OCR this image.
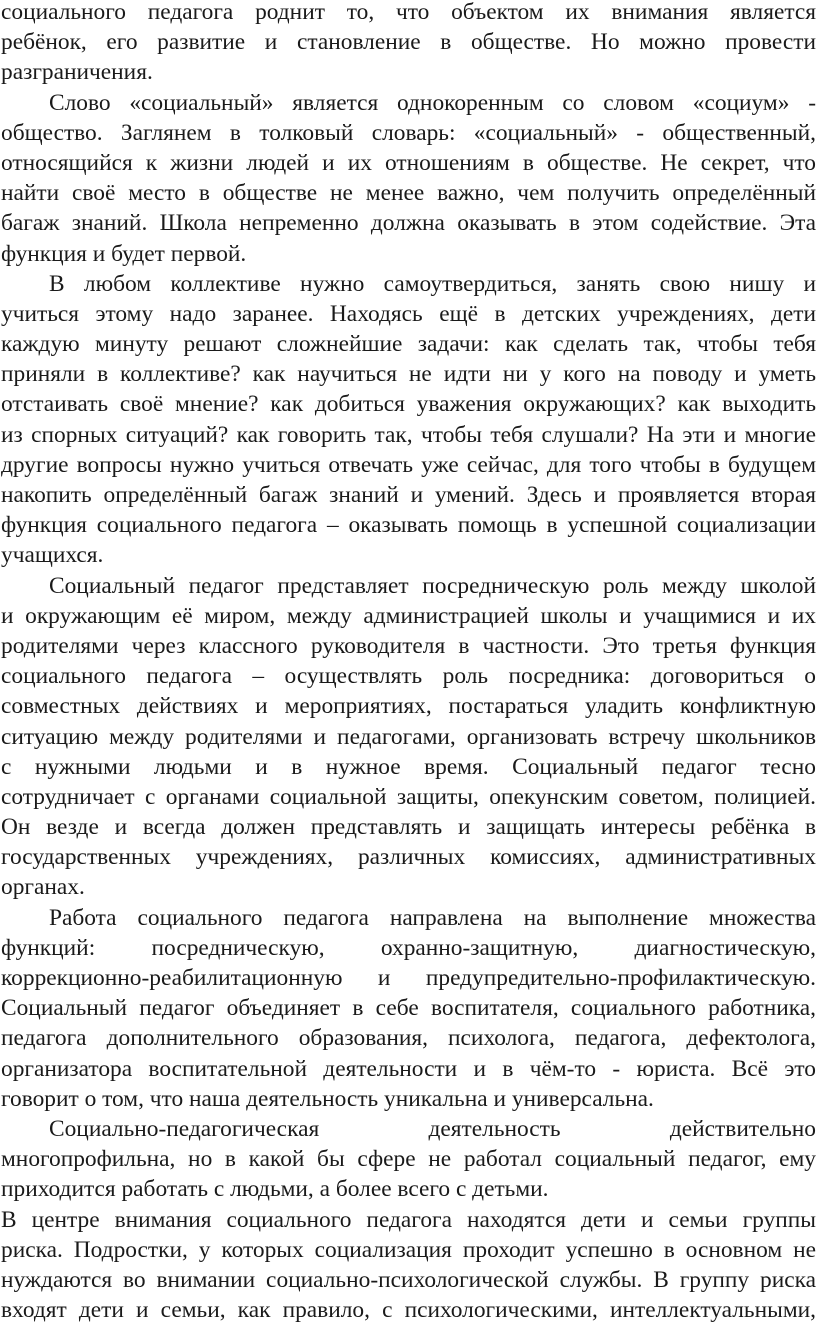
социального педагога роднит то, что объектом их внимания является
ребёнок, его развитие и становление в обществе. Но можно провести
разграничения.
Слово «социальный» является однокоренным со словом «социум» -
общество. Заглянем в толковый словарь: «социальный» - общественный,
относящийся к жизни людей и их отношениям в обществе. Не секрет, что
найти своё место в обществе не менее важно, чем получить определённый
багаж знаний. Школа непременно должна оказывать в этом содействие. Эта
функция и будет первой.
В любом коллективе нужно самоутвердиться, занять свою нишу и
учиться этому надо заранее. Находясь ещё в детских учреждениях, дети
каждую минуту решают сложнейшие задачи: как сделать так, чтобы тебя
приняли в коллективе? как научиться не идти ни у кого на поводу и уметь
отстаивать своё мнение? как добиться уважения окружающих? как выходить
из спорных ситуаций? как говорить так, чтобы тебя слушали? На эти и многие
другие вопросы нужно учиться отвечать уже сейчас, для того чтобы в будущем
накопить определённый багаж знаний и умений. Здесь и проявляется вторая
функция социального педагога – оказывать помощь в успешной социализации
учащихся.
Социальный педагог представляет посредническую роль между школой
и окружающим её миром, между администрацией школы и учащимися и их
родителями через классного руководителя в частности. Это третья функция
социального педагога – осуществлять роль посредника: договориться о
совместных действиях и мероприятиях, постараться уладить конфликтную
ситуацию между родителями и педагогами, организовать встречу школьников
с нужными людьми и в нужное время. Социальный педагог тесно
сотрудничает с органами социальной защиты, опекунским советом, полицией.
Он везде и всегда должен представлять и защищать интересы ребёнка в
государственных учреждениях, различных комиссиях, административных
органах.
Работа социального педагога направлена на выполнение множества
функций: посредническую, охранно-защитную, диагностическую,
коррекционно-реабилитационную и предупредительно-профилактическую.
Социальный педагог объединяет в себе воспитателя, социального работника,
педагога дополнительного образования, психолога, педагога, дефектолога,
организатора воспитательной деятельности и в чём-то - юриста. Всё это
говорит о том, что наша деятельность уникальна и универсальна.
Социально-педагогическая деятельность действительно
многопрофильна, но в какой бы сфере не работал социальный педагог, ему
приходится работать с людьми, а более всего с детьми.
В центре внимания социального педагога находятся дети и семьи группы
риска. Подростки, у которых социализация проходит успешно в основном не
нуждаются во внимании социально-психологической службы. В группу риска
входят дети и семьи, как правило, с психологическими, интеллектуальными,
